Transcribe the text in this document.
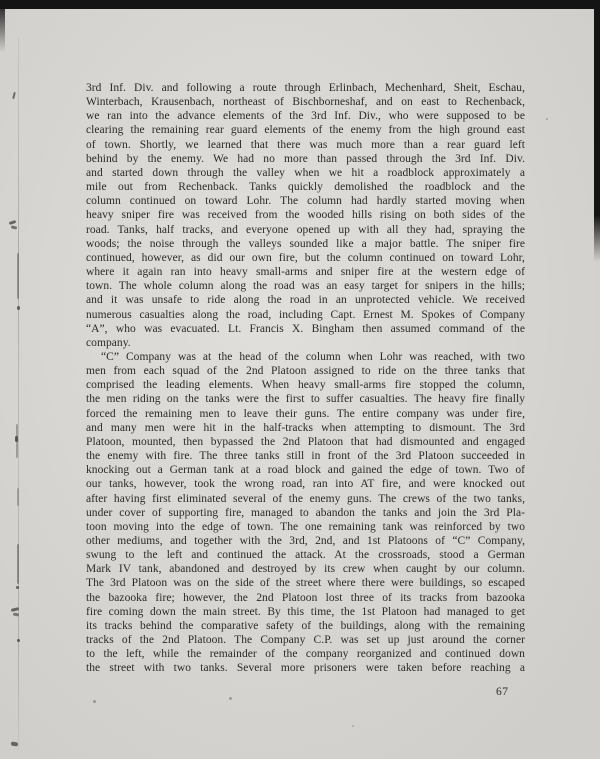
3rd Inf. Div. and following a route through Erlinbach, Mechenhard, Sheit, Eschau,
Winterbach, Krausenbach, northeast of Bischborneshaf, and on east to Rechenback,
we ran into the advance elements of the 3rd Inf. Div., who were supposed to be
clearing the remaining rear guard elements of the enemy from the high ground east
of town. Shortly, we learned that there was much more than a rear guard left
behind by the enemy. We had no more than passed through the 3rd Inf. Div.
and started down through the valley when we hit a roadblock approximately a
mile out from Rechenback. Tanks quickly demolished the roadblock and the
column continued on toward Lohr. The column had hardly started moving when
heavy sniper fire was received from the wooded hills rising on both sides of the
road. Tanks, half tracks, and everyone opened up with all they had, spraying the
woods; the noise through the valleys sounded like a major battle. The sniper fire
continued, however, as did our own fire, but the column continued on toward Lohr,
where it again ran into heavy small-arms and sniper fire at the western edge of
town. The whole column along the road was an easy target for snipers in the hills;
and it was unsafe to ride along the road in an unprotected vehicle. We received
numerous casualties along the road, including Capt. Ernest M. Spokes of Company
“A”, who was evacuated. Lt. Francis X. Bingham then assumed command of the
company.
“C” Company was at the head of the column when Lohr was reached, with two
men from each squad of the 2nd Platoon assigned to ride on the three tanks that
comprised the leading elements. When heavy small-arms fire stopped the column,
the men riding on the tanks were the first to suffer casualties. The heavy fire finally
forced the remaining men to leave their guns. The entire company was under fire,
and many men were hit in the half-tracks when attempting to dismount. The 3rd
Platoon, mounted, then bypassed the 2nd Platoon that had dismounted and engaged
the enemy with fire. The three tanks still in front of the 3rd Platoon succeeded in
knocking out a German tank at a road block and gained the edge of town. Two of
our tanks, however, took the wrong road, ran into AT fire, and were knocked out
after having first eliminated several of the enemy guns. The crews of the two tanks,
under cover of supporting fire, managed to abandon the tanks and join the 3rd Pla-
toon moving into the edge of town. The one remaining tank was reinforced by two
other mediums, and together with the 3rd, 2nd, and 1st Platoons of “C” Company,
swung to the left and continued the attack. At the crossroads, stood a German
Mark IV tank, abandoned and destroyed by its crew when caught by our column.
The 3rd Platoon was on the side of the street where there were buildings, so escaped
the bazooka fire; however, the 2nd Platoon lost three of its tracks from bazooka
fire coming down the main street. By this time, the 1st Platoon had managed to get
its tracks behind the comparative safety of the buildings, along with the remaining
tracks of the 2nd Platoon. The Company C.P. was set up just around the corner
to the left, while the remainder of the company reorganized and continued down
the street with two tanks. Several more prisoners were taken before reaching a
67
